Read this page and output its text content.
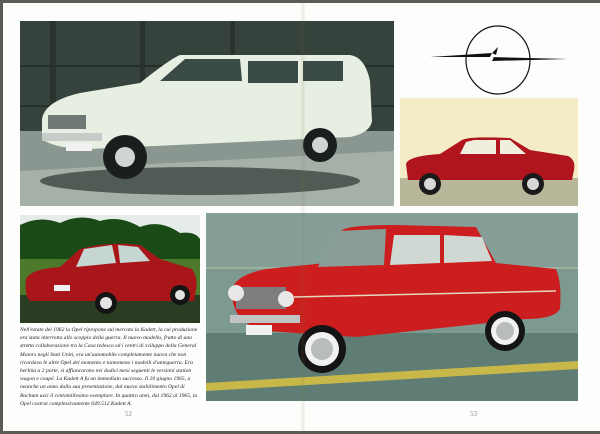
Nell'estate del 1962 la Opel ripropone sul mercato la Kadett, la cui produzione era stata interrotta allo scoppio della guerra. Il nuovo modello, frutto di una stretta collaborazione tra la Casa tedesca ed i centri di sviluppo della General Motors negli Stati Uniti, era un'automobile completamente nuova che non ricordava le altre Opel del momento e tantomeno i modelli d'anteguerra. Era berlina a 2 porte, si affiancarono nei dodici mesi seguenti le versioni station wagon e coupé. La Kadett A fu un immediato successo. Il 20 giugno 1965, a neanche un anno dalla sua presentazione, dal nuovo stabilimento Opel di Bochum uscì il centomillesimo esemplare. In quattro anni, dal 1962 al 1965, la Opel costruì complessivamente 649.512 Kadett A.
52	53
